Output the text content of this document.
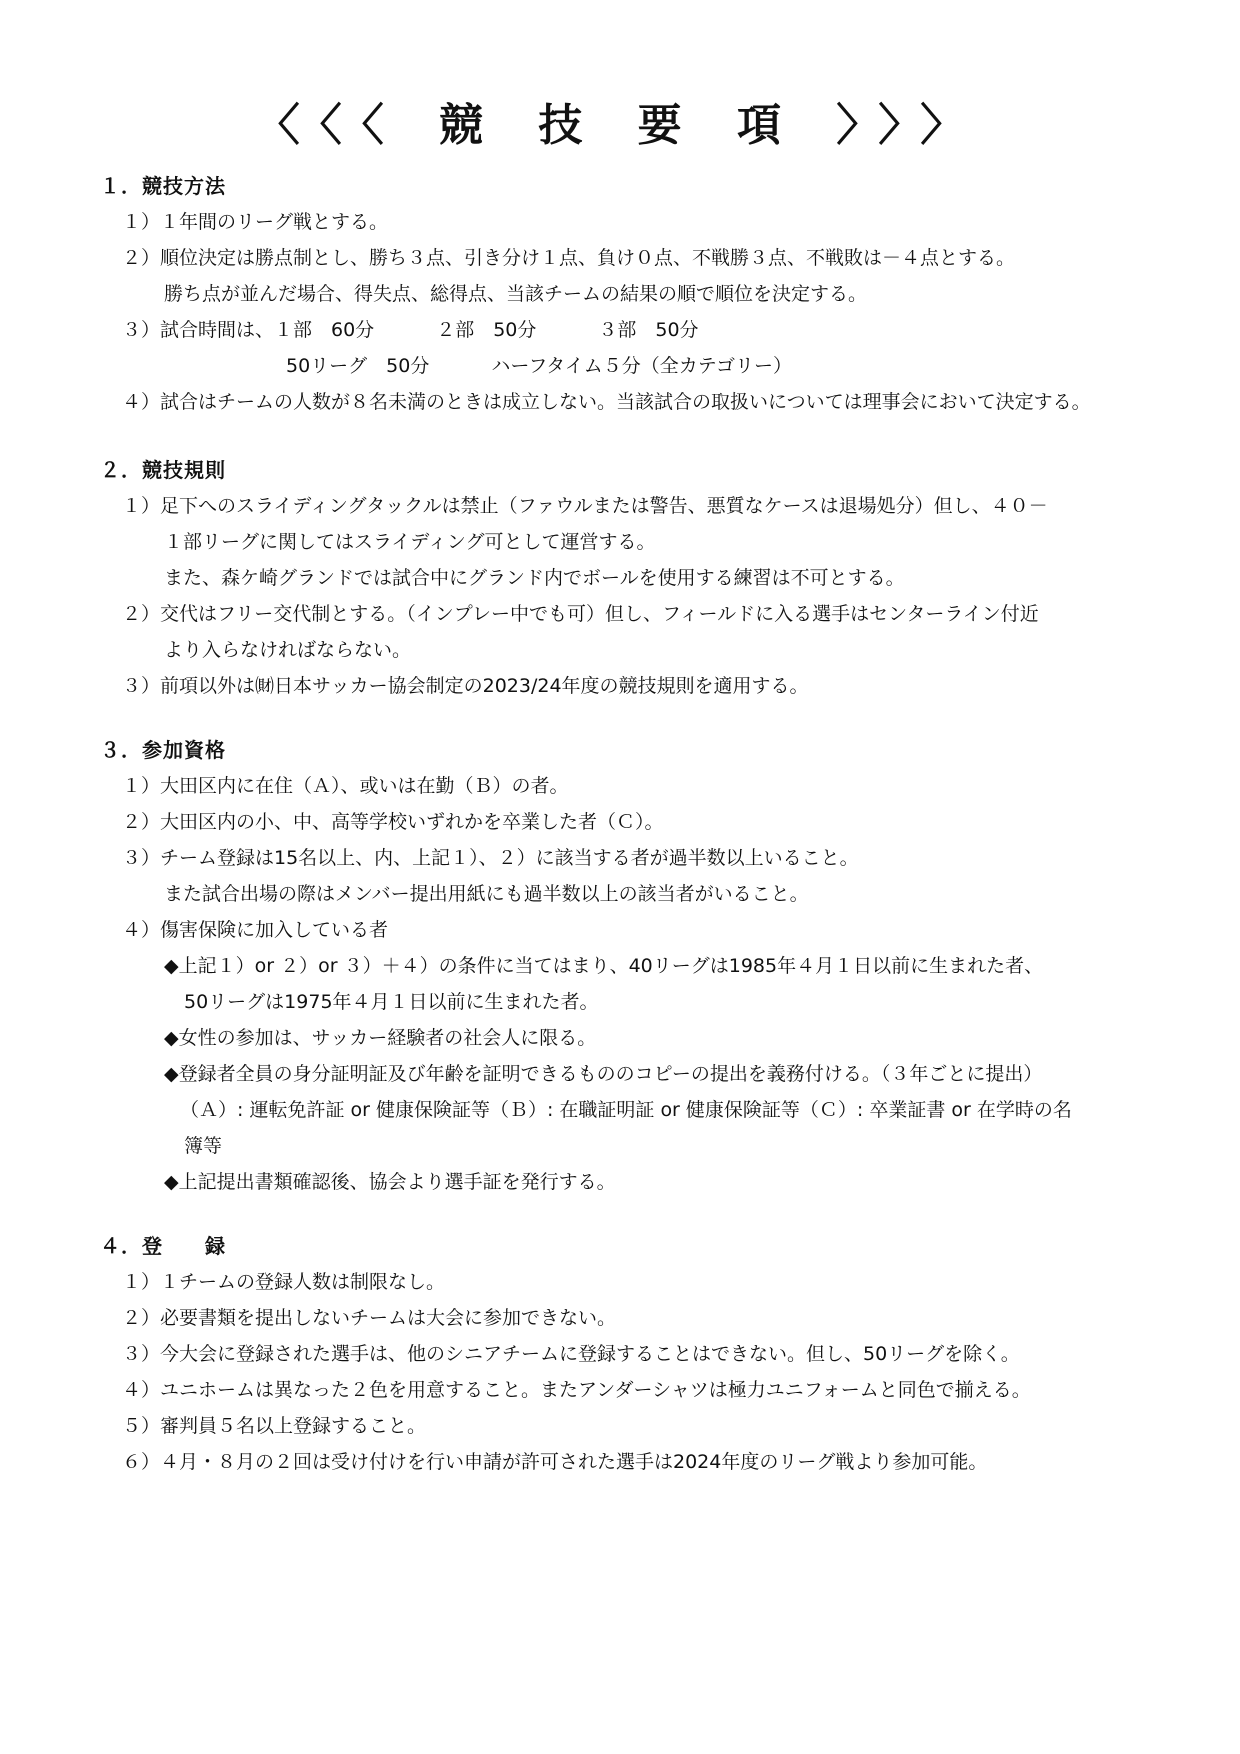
〈〈〈 競 技 要 項 〉〉〉
１．競技方法
１）１年間のリーグ戦とする。
２）順位決定は勝点制とし、勝ち３点、引き分け１点、負け０点、不戦勝３点、不戦敗は－４点とする。
勝ち点が並んだ場合、得失点、総得点、当該チームの結果の順で順位を決定する。
３）試合時間は、１部　60分	２部　50分	３部　50分
50リーグ　50分	ハーフタイム５分（全カテゴリー）
４）試合はチームの人数が８名未満のときは成立しない。当該試合の取扱いについては理事会において決定する。
２．競技規則
１）足下へのスライディングタックルは禁止（ファウルまたは警告、悪質なケースは退場処分）但し、４０－
１部リーグに関してはスライディング可として運営する。
また、森ケ崎グランドでは試合中にグランド内でボールを使用する練習は不可とする。
２）交代はフリー交代制とする。（インプレー中でも可）但し、フィールドに入る選手はセンターライン付近
より入らなければならない。
３）前項以外は㈶日本サッカー協会制定の2023/24年度の競技規則を適用する。
３．参加資格
１）大田区内に在住（Ａ）、或いは在勤（Ｂ）の者。
２）大田区内の小、中、高等学校いずれかを卒業した者（Ｃ）。
３）チーム登録は15名以上、内、上記１）、２）に該当する者が過半数以上いること。
また試合出場の際はメンバー提出用紙にも過半数以上の該当者がいること。
４）傷害保険に加入している者
◆上記１）or ２）or ３）＋４）の条件に当てはまり、40リーグは1985年４月１日以前に生まれた者、
50リーグは1975年４月１日以前に生まれた者。
◆女性の参加は、サッカー経験者の社会人に限る。
◆登録者全員の身分証明証及び年齢を証明できるもののコピーの提出を義務付ける。（３年ごとに提出）
（Ａ）: 運転免許証 or 健康保険証等（Ｂ）: 在職証明証 or 健康保険証等（Ｃ）: 卒業証書 or 在学時の名
簿等
◆上記提出書類確認後、協会より選手証を発行する。
４．登　　録
１）１チームの登録人数は制限なし。
２）必要書類を提出しないチームは大会に参加できない。
３）今大会に登録された選手は、他のシニアチームに登録することはできない。但し、50リーグを除く。
４）ユニホームは異なった２色を用意すること。またアンダーシャツは極力ユニフォームと同色で揃える。
５）審判員５名以上登録すること。
６）４月・８月の２回は受け付けを行い申請が許可された選手は2024年度のリーグ戦より参加可能。
